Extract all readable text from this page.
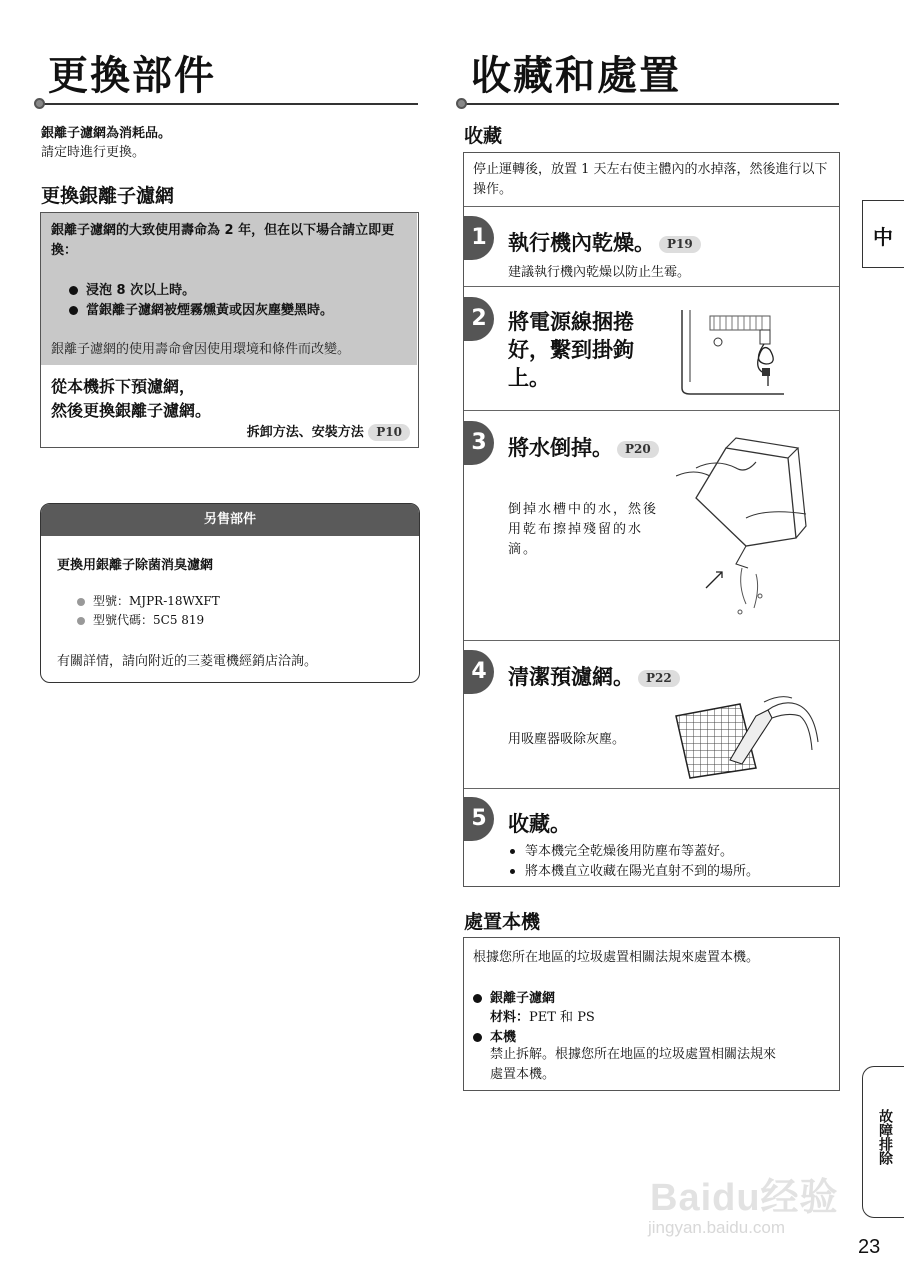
更換部件
銀離子濾網為消耗品。
請定時進行更換。
更換銀離子濾網
銀離子濾網的大致使用壽命為 2 年，但在以下場合請立即更換：
浸泡 8 次以上時。
當銀離子濾網被煙霧燻黃或因灰塵變黑時。
銀離子濾網的使用壽命會因使用環境和條件而改變。
從本機拆下預濾網，
然後更換銀離子濾網。
拆卸方法、安裝方法 P10
另售部件
更換用銀離子除菌消臭濾網
型號：MJPR-18WXFT
型號代碼：5C5 819
有關詳情，請向附近的三菱電機經銷店洽詢。
收藏和處置
收藏
停止運轉後，放置 1 天左右使主體內的水掉落，然後進行以下操作。
1	執行機內乾燥。 P19
建議執行機內乾燥以防止生霉。
2	將電源線捆捲
好，繫到掛鉤
上。
3	將水倒掉。 P20
倒掉水槽中的水，然後
用乾布擦掉殘留的水
滴。
4	清潔預濾網。 P22
用吸塵器吸除灰塵。
5	收藏。
等本機完全乾燥後用防塵布等蓋好。
將本機直立收藏在陽光直射不到的場所。
處置本機
根據您所在地區的垃圾處置相關法規來處置本機。
銀離子濾網
材料：PET 和 PS
本機
禁止拆解。根據您所在地區的垃圾處置相關法規來
處置本機。
中
故障排除
Baidu经验
jingyan.baidu.com
23
